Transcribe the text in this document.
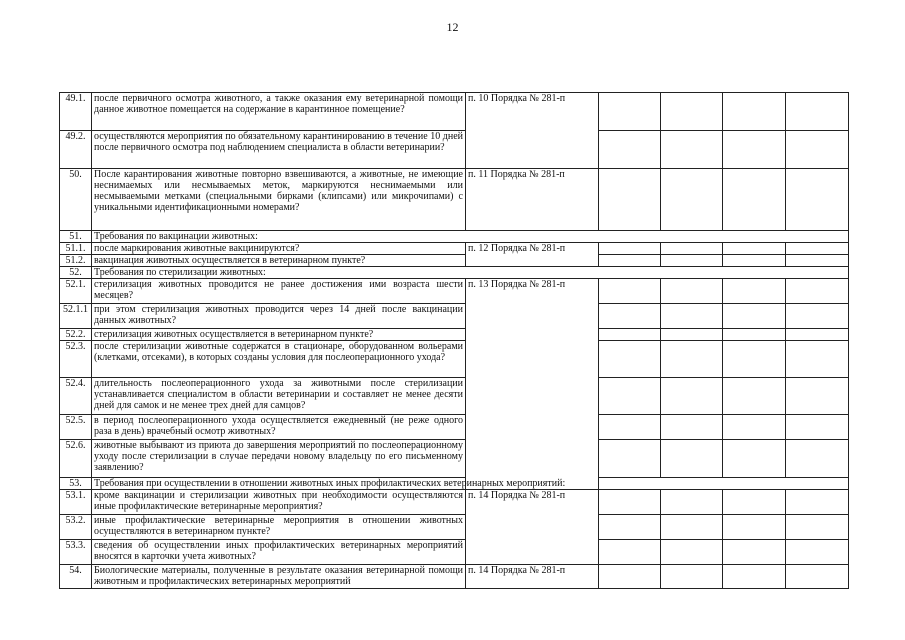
12
49.1.	после первичного осмотра животного, а также оказания ему ветеринарной помощи данное животное помещается на содержание в карантинное помещение?	п. 10 Порядка № 281-п				
49.2.	осуществляются мероприятия по обязательному карантинированию в течение 10 дней после первичного осмотра под наблюдением специалиста в области ветеринарии?					
50.	После карантирования животные повторно взвешиваются, а животные, не имеющие неснимаемых или несмываемых меток, маркируются неснимаемыми или несмываемыми метками (специальными бирками (клипсами) или микрочипами) с уникальными идентификационными номерами?	п. 11 Порядка № 281-п				
51.	Требования по вакцинации животных:					
51.1.	после маркирования животные вакцинируются?	п. 12 Порядка № 281-п				
51.2.	вакцинация животных осуществляется в ветеринарном пункте?					
52.	Требования по стерилизации животных:					
52.1.	стерилизация животных проводится не ранее достижения ими возраста шести месяцев?	п. 13 Порядка № 281-п				
52.1.1	при этом стерилизация животных проводится через 14 дней после вакцинации данных животных?					
52.2.	стерилизация животных осуществляется в ветеринарном пункте?					
52.3.	после стерилизации животные содержатся в стационаре, оборудованном вольерами (клетками, отсеками), в которых созданы условия для послеоперационного ухода?					
52.4.	длительность послеоперационного ухода за животными после стерилизации устанавливается специалистом в области ветеринарии и составляет не менее десяти дней для самок и не менее трех дней для самцов?					
52.5.	в период послеоперационного ухода осуществляется ежедневный (не реже одного раза в день) врачебный осмотр животных?					
52.6.	животные выбывают из приюта до завершения мероприятий по послеоперационному уходу после стерилизации в случае передачи новому владельцу по его письменному заявлению?					
53.	Требования при осуществлении в отношении животных иных профилактических ветеринарных мероприятий:					
53.1.	кроме вакцинации и стерилизации животных при необходимости осуществляются иные профилактические ветеринарные мероприятия?	п. 14 Порядка № 281-п				
53.2.	иные профилактические ветеринарные мероприятия в отношении животных осуществляются в ветеринарном пункте?					
53.3.	сведения об осуществлении иных профилактических ветеринарных мероприятий вносятся в карточки учета животных?					
54.	Биологические материалы, полученные в результате оказания ветеринарной помощи животным и профилактических ветеринарных мероприятий	п. 14 Порядка № 281-п				
